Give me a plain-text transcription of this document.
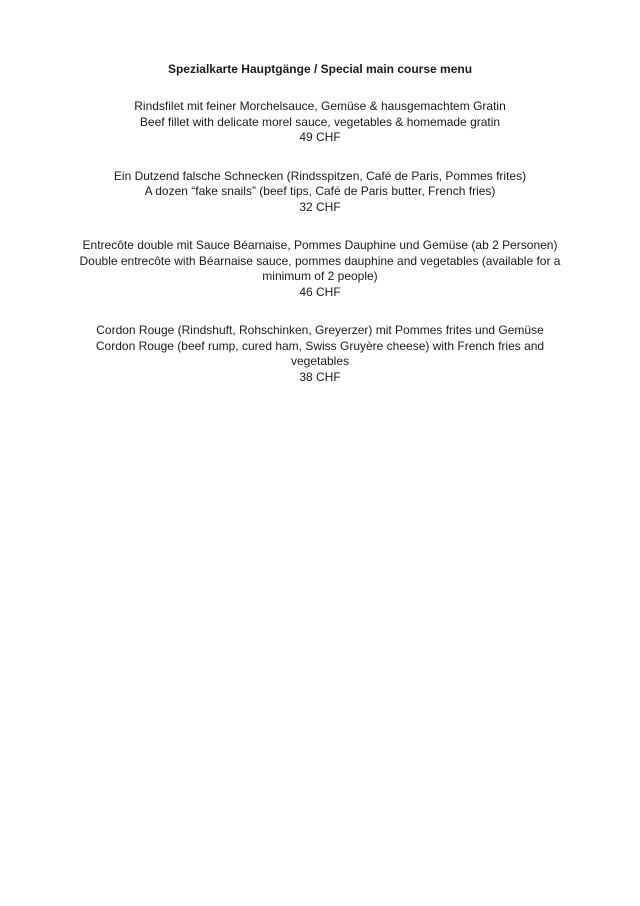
Spezialkarte Hauptgänge / Special main course menu
Rindsfilet mit feiner Morchelsauce, Gemüse & hausgemachtem Gratin
Beef fillet with delicate morel sauce, vegetables & homemade gratin
49 CHF
Ein Dutzend falsche Schnecken (Rindsspitzen, Café de Paris, Pommes frites)
A dozen “fake snails” (beef tips, Café de Paris butter, French fries)
32 CHF
Entrecôte double mit Sauce Béarnaise, Pommes Dauphine und Gemüse (ab 2 Personen)
Double entrecôte with Béarnaise sauce, pommes dauphine and vegetables (available for a minimum of 2 people)
46 CHF
Cordon Rouge (Rindshuft, Rohschinken, Greyerzer) mit Pommes frites und Gemüse
Cordon Rouge (beef rump, cured ham, Swiss Gruyère cheese) with French fries and vegetables
38 CHF
